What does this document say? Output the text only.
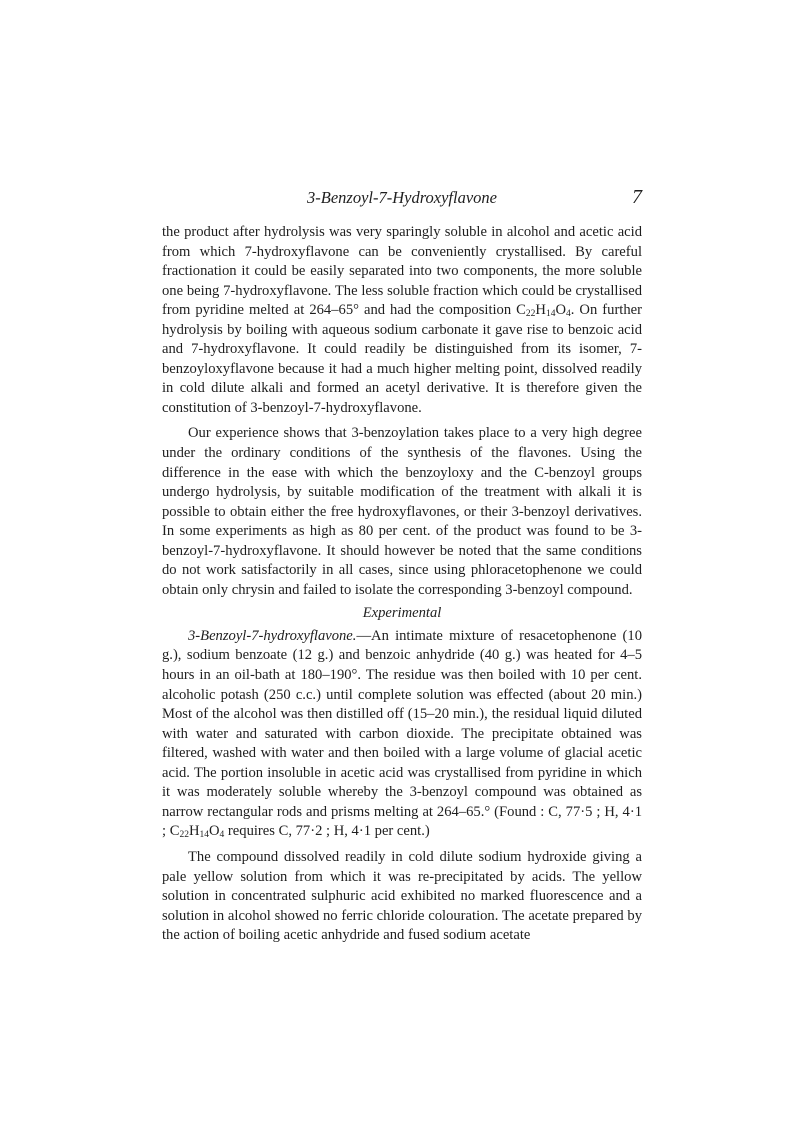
3-Benzoyl-7-Hydroxyflavone	7

the product after hydrolysis was very sparingly soluble in alcohol and acetic acid from which 7-hydroxyflavone can be conveniently crystallised. By careful fractionation it could be easily separated into two components, the more soluble one being 7-hydroxyflavone. The less soluble fraction which could be crystallised from pyridine melted at 264–65° and had the composition $C_{22}H_{14}O_4$. On further hydrolysis by boiling with aqueous sodium carbonate it gave rise to benzoic acid and 7-hydroxyflavone. It could readily be distinguished from its isomer, 7-benzoyloxyflavone because it had a much higher melting point, dissolved readily in cold dilute alkali and formed an acetyl derivative. It is therefore given the constitution of 3-benzoyl-7-hydroxyflavone.

Our experience shows that 3-benzoylation takes place to a very high degree under the ordinary conditions of the synthesis of the flavones. Using the difference in the ease with which the benzoyloxy and the C-benzoyl groups undergo hydrolysis, by suitable modification of the treatment with alkali it is possible to obtain either the free hydroxyflavones, or their 3-benzoyl derivatives. In some experiments as high as 80 per cent. of the product was found to be 3-benzoyl-7-hydroxyflavone. It should however be noted that the same conditions do not work satisfactorily in all cases, since using phloracetophenone we could obtain only chrysin and failed to isolate the corresponding 3-benzoyl compound.

Experimental

3-Benzoyl-7-hydroxyflavone.—An intimate mixture of resacetophenone (10 g.), sodium benzoate (12 g.) and benzoic anhydride (40 g.) was heated for 4–5 hours in an oil-bath at 180–190°. The residue was then boiled with 10 per cent. alcoholic potash (250 c.c.) until complete solution was effected (about 20 min.) Most of the alcohol was then distilled off (15–20 min.), the residual liquid diluted with water and saturated with carbon dioxide. The precipitate obtained was filtered, washed with water and then boiled with a large volume of glacial acetic acid. The portion insoluble in acetic acid was crystallised from pyridine in which it was moderately soluble whereby the 3-benzoyl compound was obtained as narrow rectangular rods and prisms melting at 264–65.° (Found : C, 77·5 ; H, 4·1 ; $C_{22}H_{14}O_4$ requires C, 77·2 ; H, 4·1 per cent.)

The compound dissolved readily in cold dilute sodium hydroxide giving a pale yellow solution from which it was re-precipitated by acids. The yellow solution in concentrated sulphuric acid exhibited no marked fluorescence and a solution in alcohol showed no ferric chloride colouration. The acetate prepared by the action of boiling acetic anhydride and fused sodium acetate
